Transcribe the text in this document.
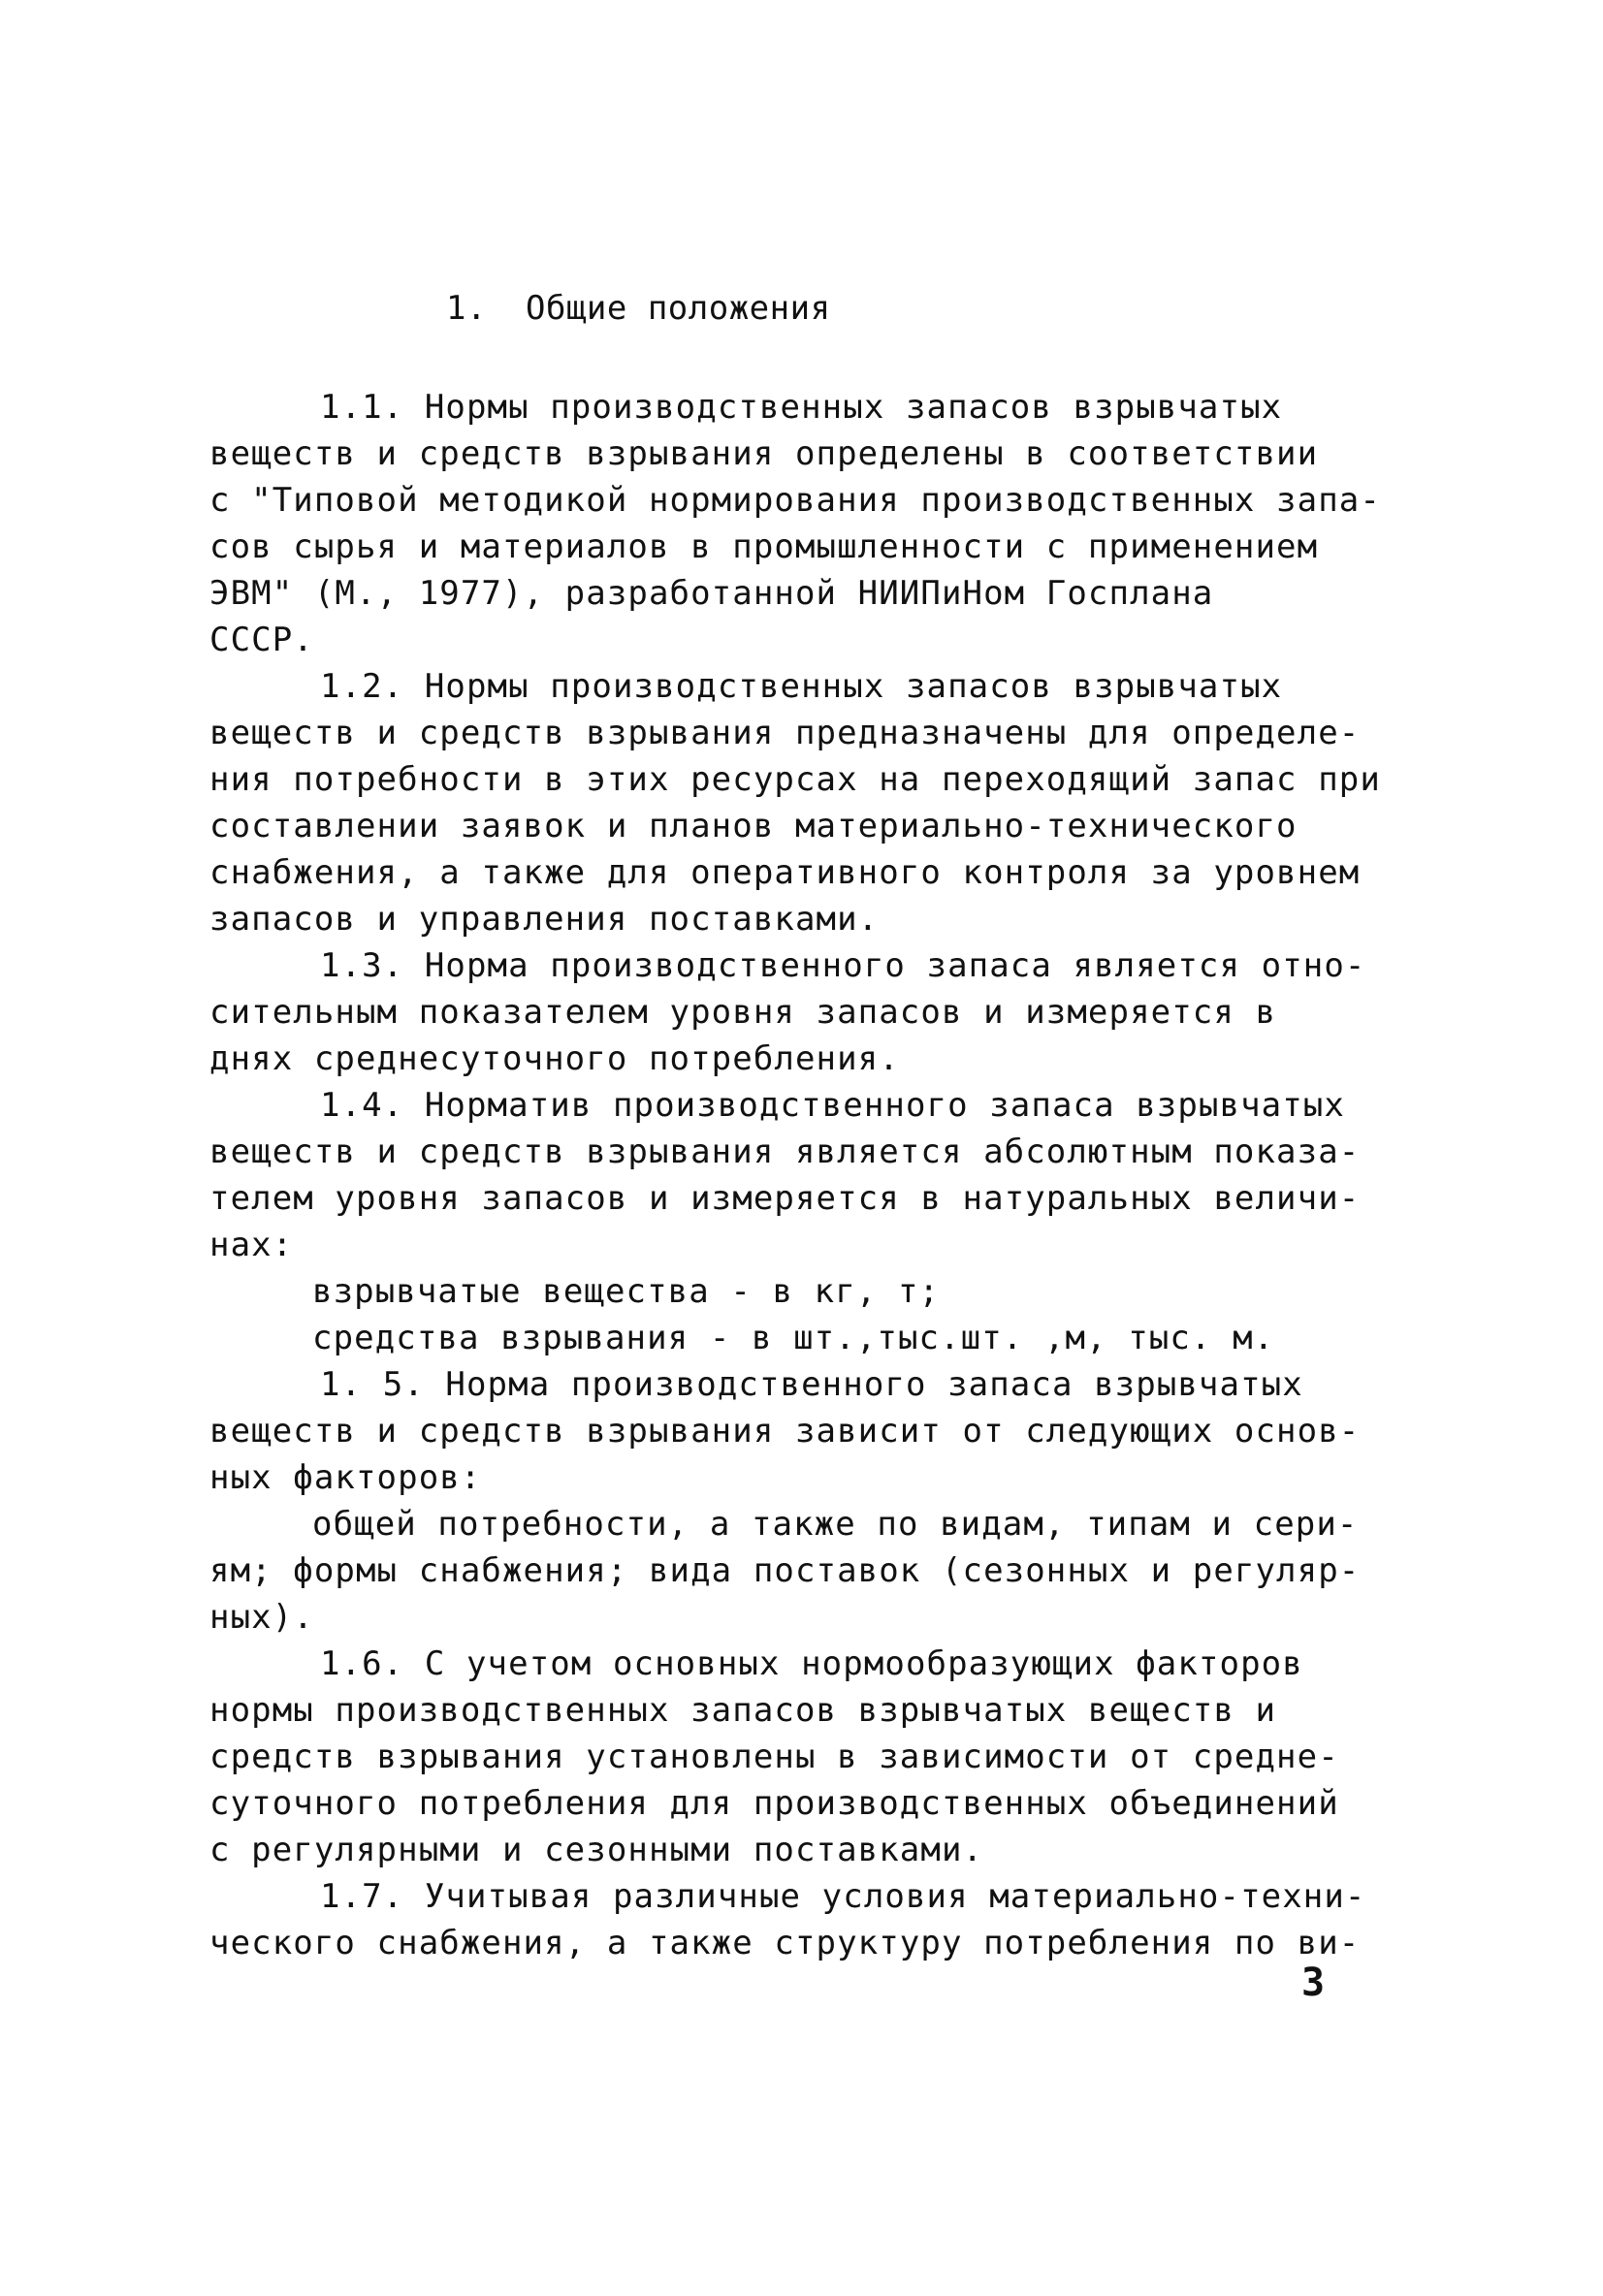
1. Общие положения
1.1. Нормы производственных запасов взрывчатых
веществ и средств взрывания определены в соответствии
с "Типовой методикой нормирования производственных запа-
сов сырья и материалов в промышленности с применением
ЭВМ" (М., 1977), разработанной НИИПиНом Госплана
СССР.
1.2. Нормы производственных запасов взрывчатых
веществ и средств взрывания предназначены для определе-
ния потребности в этих ресурсах на переходящий запас при
составлении заявок и планов материально-технического
снабжения, а также для оперативного контроля за уровнем
запасов и управления поставками.
1.3. Норма производственного запаса является отно-
сительным показателем уровня запасов и измеряется в
днях среднесуточного потребления.
1.4. Норматив производственного запаса взрывчатых
веществ и средств взрывания является абсолютным показа-
телем уровня запасов и измеряется в натуральных величи-
нах:
взрывчатые вещества - в кг, т;
средства взрывания - в шт.,тыс.шт. ,м, тыс. м.
1. 5. Норма производственного запаса взрывчатых
веществ и средств взрывания зависит от следующих основ-
ных факторов:
общей потребности, а также по видам, типам и сери-
ям; формы снабжения; вида поставок (сезонных и регуляр-
ных).
1.6. С учетом основных нормообразующих факторов
нормы производственных запасов взрывчатых веществ и
средств взрывания установлены в зависимости от средне-
суточного потребления для производственных объединений
с регулярными и сезонными поставками.
1.7. Учитывая различные условия материально-техни-
ческого снабжения, а также структуру потребления по ви-
3
